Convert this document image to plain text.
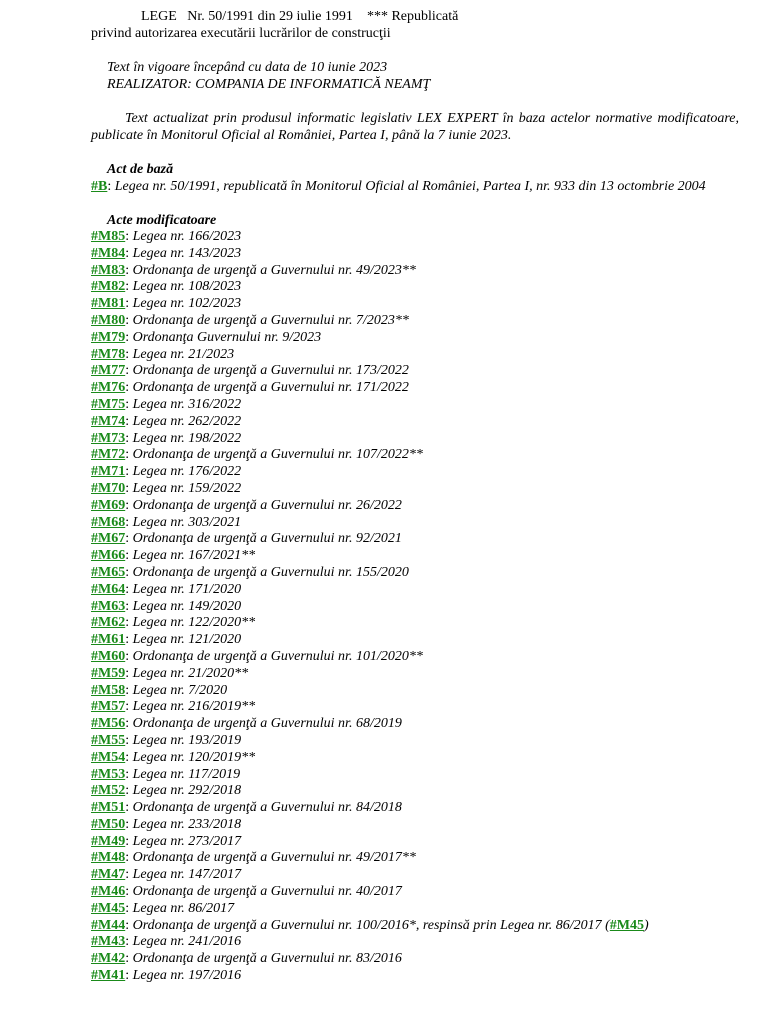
LEGE Nr. 50/1991 din 29 iulie 1991 *** Republicată
privind autorizarea executării lucrărilor de construcţii
Text în vigoare începând cu data de 10 iunie 2023
REALIZATOR: COMPANIA DE INFORMATICĂ NEAMŢ

Text actualizat prin produsul informatic legislativ LEX EXPERT în baza actelor normative modificatoare, publicate în Monitorul Oficial al României, Partea I, până la 7 iunie 2023.

Act de bază

#B: Legea nr. 50/1991, republicată în Monitorul Oficial al României, Partea I, nr. 933 din 13 octombrie 2004

Acte modificatoare

#M85: Legea nr. 166/2023
#M84: Legea nr. 143/2023
#M83: Ordonanţa de urgenţă a Guvernului nr. 49/2023**
#M82: Legea nr. 108/2023
#M81: Legea nr. 102/2023
#M80: Ordonanţa de urgenţă a Guvernului nr. 7/2023**
#M79: Ordonanţa Guvernului nr. 9/2023
#M78: Legea nr. 21/2023
#M77: Ordonanţa de urgenţă a Guvernului nr. 173/2022
#M76: Ordonanţa de urgenţă a Guvernului nr. 171/2022
#M75: Legea nr. 316/2022
#M74: Legea nr. 262/2022
#M73: Legea nr. 198/2022
#M72: Ordonanţa de urgenţă a Guvernului nr. 107/2022**
#M71: Legea nr. 176/2022
#M70: Legea nr. 159/2022
#M69: Ordonanţa de urgenţă a Guvernului nr. 26/2022
#M68: Legea nr. 303/2021
#M67: Ordonanţa de urgenţă a Guvernului nr. 92/2021
#M66: Legea nr. 167/2021**
#M65: Ordonanţa de urgenţă a Guvernului nr. 155/2020
#M64: Legea nr. 171/2020
#M63: Legea nr. 149/2020
#M62: Legea nr. 122/2020**
#M61: Legea nr. 121/2020
#M60: Ordonanţa de urgenţă a Guvernului nr. 101/2020**
#M59: Legea nr. 21/2020**
#M58: Legea nr. 7/2020
#M57: Legea nr. 216/2019**
#M56: Ordonanţa de urgenţă a Guvernului nr. 68/2019
#M55: Legea nr. 193/2019
#M54: Legea nr. 120/2019**
#M53: Legea nr. 117/2019
#M52: Legea nr. 292/2018
#M51: Ordonanţa de urgenţă a Guvernului nr. 84/2018
#M50: Legea nr. 233/2018
#M49: Legea nr. 273/2017
#M48: Ordonanţa de urgenţă a Guvernului nr. 49/2017**
#M47: Legea nr. 147/2017
#M46: Ordonanţa de urgenţă a Guvernului nr. 40/2017
#M45: Legea nr. 86/2017
#M44: Ordonanţa de urgenţă a Guvernului nr. 100/2016*, respinsă prin Legea nr. 86/2017 (#M45)
#M43: Legea nr. 241/2016
#M42: Ordonanţa de urgenţă a Guvernului nr. 83/2016
#M41: Legea nr. 197/2016
